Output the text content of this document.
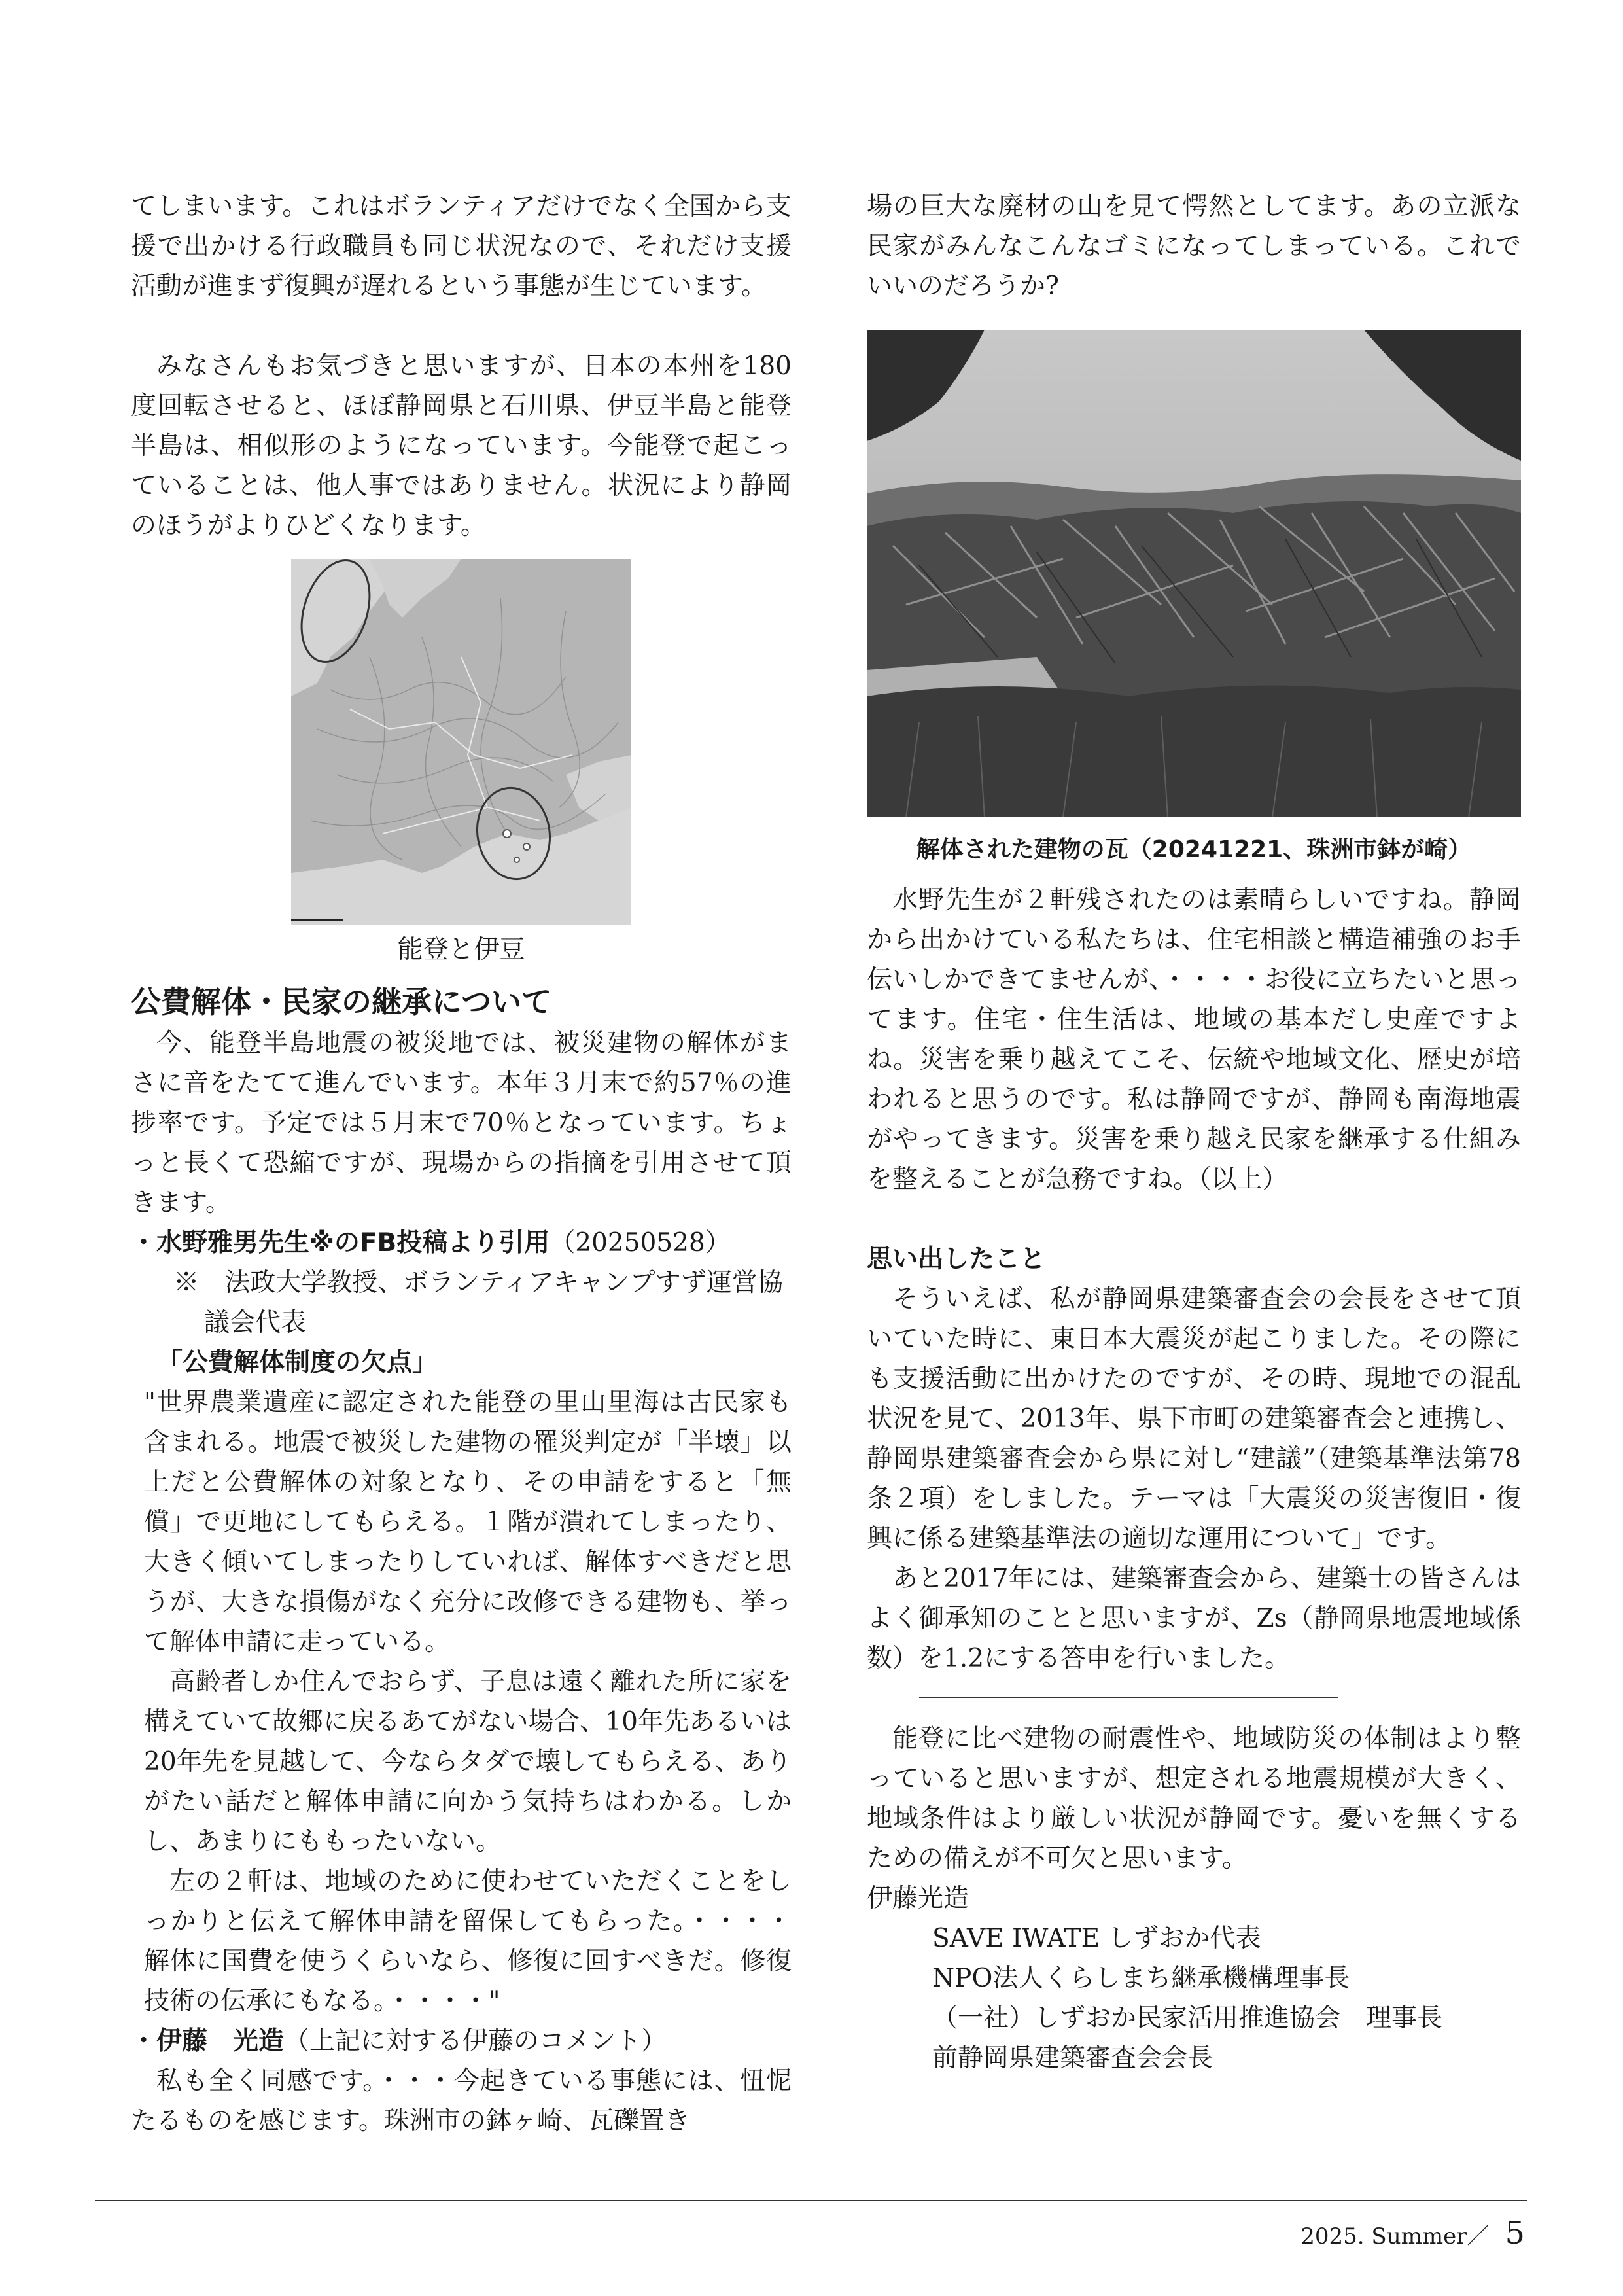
てしまいます。これはボランティアだけでなく全国から支援で出かける行政職員も同じ状況なので、それだけ支援活動が進まず復興が遅れるという事態が生じています。

みなさんもお気づきと思いますが、日本の本州を180度回転させると、ほぼ静岡県と石川県、伊豆半島と能登半島は、相似形のようになっています。今能登で起こっていることは、他人事ではありません。状況により静岡のほうがよりひどくなります。

能登と伊豆
公費解体・民家の継承について

今、能登半島地震の被災地では、被災建物の解体がまさに音をたてて進んでいます。本年３月末で約57％の進捗率です。予定では５月末で70％となっています。ちょっと長くて恐縮ですが、現場からの指摘を引用させて頂きます。

・水野雅男先生※のFB投稿より引用（20250528）
※　法政大学教授、ボランティアキャンプすず運営協議会代表
「公費解体制度の欠点」

"世界農業遺産に認定された能登の里山里海は古民家も含まれる。地震で被災した建物の罹災判定が「半壊」以上だと公費解体の対象となり、その申請をすると「無償」で更地にしてもらえる。１階が潰れてしまったり、大きく傾いてしまったりしていれば、解体すべきだと思うが、大きな損傷がなく充分に改修できる建物も、挙って解体申請に走っている。

高齢者しか住んでおらず、子息は遠く離れた所に家を構えていて故郷に戻るあてがない場合、10年先あるいは20年先を見越して、今ならタダで壊してもらえる、ありがたい話だと解体申請に向かう気持ちはわかる。しかし、あまりにももったいない。

左の２軒は、地域のために使わせていただくことをしっかりと伝えて解体申請を留保してもらった。・・・・解体に国費を使うくらいなら、修復に回すべきだ。修復技術の伝承にもなる。・・・・"

・伊藤　光造（上記に対する伊藤のコメント）

私も全く同感です。・・・今起きている事態には、忸怩たるものを感じます。珠洲市の鉢ヶ崎、瓦礫置き

場の巨大な廃材の山を見て愕然としてます。あの立派な民家がみんなこんなゴミになってしまっている。これでいいのだろうか?

解体された建物の瓦（20241221、珠洲市鉢が崎）

水野先生が２軒残されたのは素晴らしいですね。静岡から出かけている私たちは、住宅相談と構造補強のお手伝いしかできてませんが、・・・・お役に立ちたいと思ってます。住宅・住生活は、地域の基本だし史産ですよね。災害を乗り越えてこそ、伝統や地域文化、歴史が培われると思うのです。私は静岡ですが、静岡も南海地震がやってきます。災害を乗り越え民家を継承する仕組みを整えることが急務ですね。（以上）

思い出したこと

そういえば、私が静岡県建築審査会の会長をさせて頂いていた時に、東日本大震災が起こりました。その際にも支援活動に出かけたのですが、その時、現地での混乱状況を見て、2013年、県下市町の建築審査会と連携し、静岡県建築審査会から県に対し“建議”（建築基準法第78条２項）をしました。テーマは「大震災の災害復旧・復興に係る建築基準法の適切な運用について」です。

あと2017年には、建築審査会から、建築士の皆さんはよく御承知のことと思いますが、Zs（静岡県地震地域係数）を1.2にする答申を行いました。

能登に比べ建物の耐震性や、地域防災の体制はより整っていると思いますが、想定される地震規模が大きく、地域条件はより厳しい状況が静岡です。憂いを無くするための備えが不可欠と思います。

伊藤光造

SAVE IWATE しずおか代表
NPO法人くらしまち継承機構理事長
（一社）しずおか民家活用推進協会　理事長
前静岡県建築審査会会長
2025. Summer／ 5
